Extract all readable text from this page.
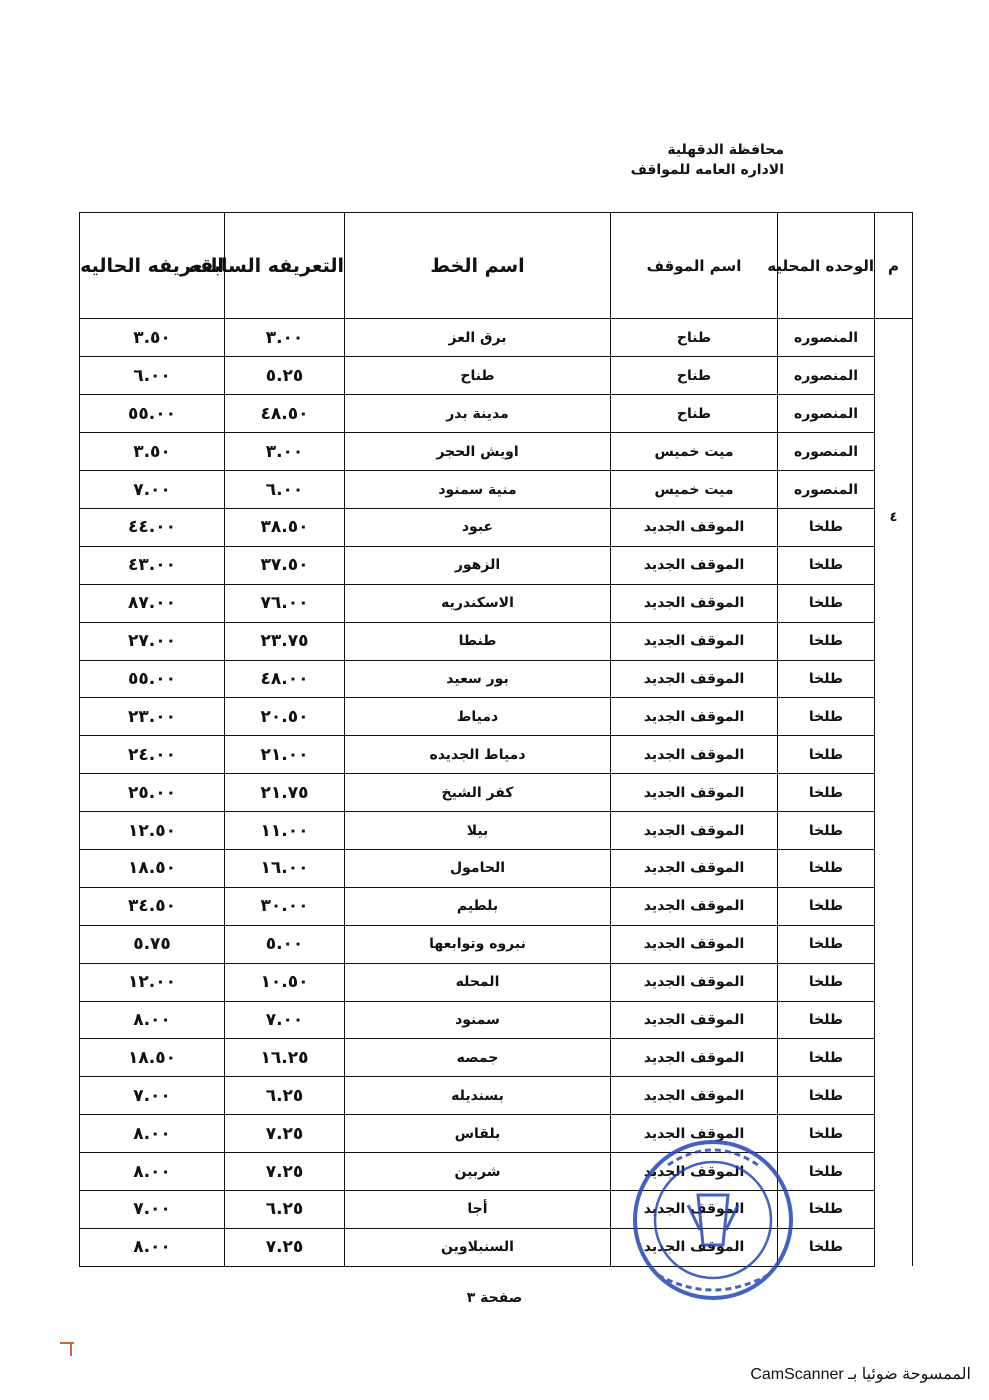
محافظة الدقهلية
الاداره العامه للمواقف
م	الوحده المحليه	اسم الموقف	اسم الخط	التعريفه السابقه	التعريفه الحاليه
	المنصوره	طناح	برق العز	٣.٠٠	٣.٥٠
	المنصوره	طناح	طناح	٥.٢٥	٦.٠٠
	المنصوره	طناح	مدينة بدر	٤٨.٥٠	٥٥.٠٠
	المنصوره	ميت خميس	اويش الحجر	٣.٠٠	٣.٥٠
	المنصوره	ميت خميس	منية سمنود	٦.٠٠	٧.٠٠
٤	طلخا	الموقف الجديد	عبود	٣٨.٥٠	٤٤.٠٠
	طلخا	الموقف الجديد	الزهور	٣٧.٥٠	٤٣.٠٠
	طلخا	الموقف الجديد	الاسكندريه	٧٦.٠٠	٨٧.٠٠
	طلخا	الموقف الجديد	طنطا	٢٣.٧٥	٢٧.٠٠
	طلخا	الموقف الجديد	بور سعيد	٤٨.٠٠	٥٥.٠٠
	طلخا	الموقف الجديد	دمياط	٢٠.٥٠	٢٣.٠٠
	طلخا	الموقف الجديد	دمياط الجديده	٢١.٠٠	٢٤.٠٠
	طلخا	الموقف الجديد	كفر الشيخ	٢١.٧٥	٢٥.٠٠
	طلخا	الموقف الجديد	بيلا	١١.٠٠	١٢.٥٠
	طلخا	الموقف الجديد	الحامول	١٦.٠٠	١٨.٥٠
	طلخا	الموقف الجديد	بلطيم	٣٠.٠٠	٣٤.٥٠
	طلخا	الموقف الجديد	نبروه وتوابعها	٥.٠٠	٥.٧٥
	طلخا	الموقف الجديد	المحله	١٠.٥٠	١٢.٠٠
	طلخا	الموقف الجديد	سمنود	٧.٠٠	٨.٠٠
	طلخا	الموقف الجديد	جمصه	١٦.٢٥	١٨.٥٠
	طلخا	الموقف الجديد	بسنديله	٦.٢٥	٧.٠٠
	طلخا	الموقف الجديد	بلقاس	٧.٢٥	٨.٠٠
	طلخا	الموقف الجديد	شربين	٧.٢٥	٨.٠٠
	طلخا	الموقف الجديد	أجا	٦.٢٥	٧.٠٠
	طلخا	الموقف الجديد	السنبلاوين	٧.٢٥	٨.٠٠
صفحة ٣
الممسوحة ضوئيا بـ CamScanner
